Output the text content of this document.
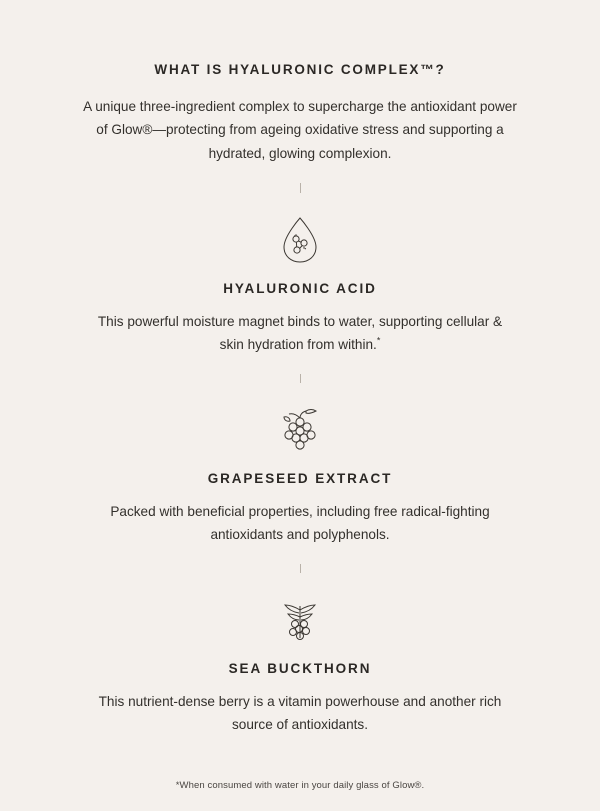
WHAT IS HYALURONIC COMPLEX™?

A unique three-ingredient complex to supercharge the antioxidant power of Glow®—protecting from ageing oxidative stress and supporting a hydrated, glowing complexion.

HYALURONIC ACID

This powerful moisture magnet binds to water, supporting cellular & skin hydration from within.*

GRAPESEED EXTRACT

Packed with beneficial properties, including free radical-fighting antioxidants and polyphenols.

SEA BUCKTHORN

This nutrient-dense berry is a vitamin powerhouse and another rich source of antioxidants.

*When consumed with water in your daily glass of Glow®.
